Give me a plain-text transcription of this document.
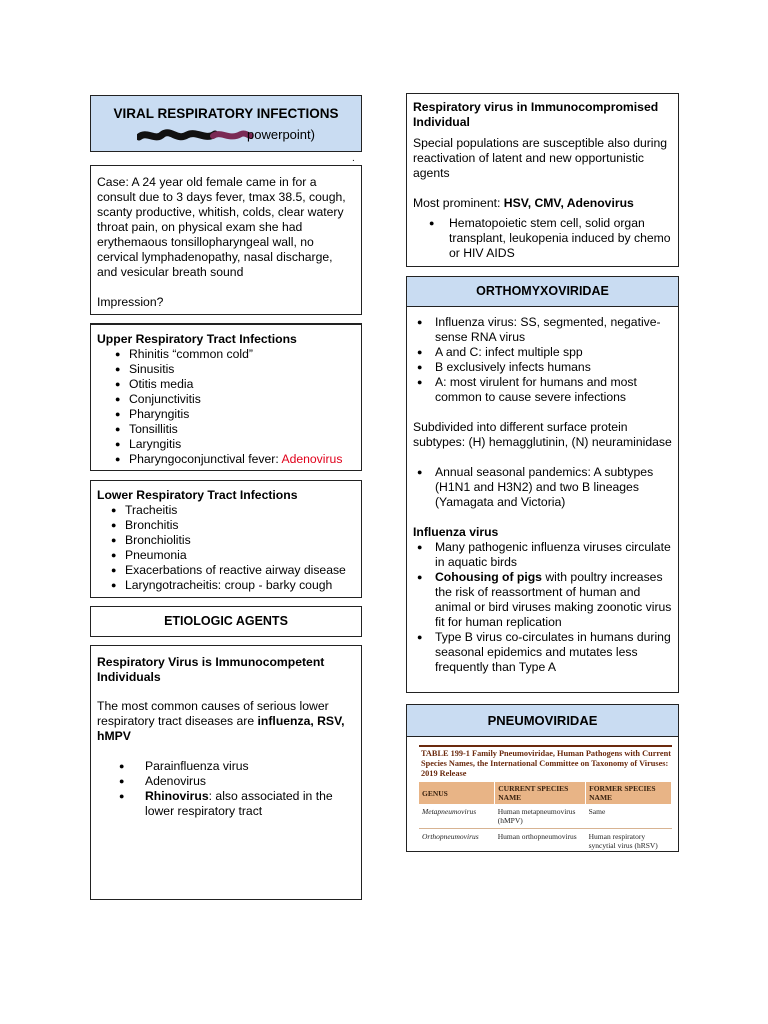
VIRAL RESPIRATORY INFECTIONS
powerpoint)
.
Case: A 24 year old female came in for a consult due to 3 days fever, tmax 38.5, cough, scanty productive, whitish, colds, clear watery throat pain, on physical exam she had erythemaous tonsillopharyngeal wall, no cervical lymphadenopathy, nasal discharge, and vesicular breath sound
Impression?
Upper Respiratory Tract Infections
● Rhinitis “common cold”
● Sinusitis
● Otitis media
● Conjunctivitis
● Pharyngitis
● Tonsillitis
● Laryngitis
● Pharyngoconjunctival fever: Adenovirus
Lower Respiratory Tract Infections
● Tracheitis
● Bronchitis
● Bronchiolitis
● Pneumonia
● Exacerbations of reactive airway disease
● Laryngotracheitis: croup - barky cough
ETIOLOGIC AGENTS
Respiratory Virus is Immunocompetent Individuals
The most common causes of serious lower respiratory tract diseases are influenza, RSV, hMPV
● Parainfluenza virus
● Adenovirus
● Rhinovirus: also associated in the lower respiratory tract
Respiratory virus in Immunocompromised Individual
Special populations are susceptible also during reactivation of latent and new opportunistic agents
Most prominent: HSV, CMV, Adenovirus
● Hematopoietic stem cell, solid organ transplant, leukopenia induced by chemo or HIV AIDS
ORTHOMYXOVIRIDAE
● Influenza virus: SS, segmented, negative-sense RNA virus
● A and C: infect multiple spp
● B exclusively infects humans
● A: most virulent for humans and most common to cause severe infections
Subdivided into different surface protein subtypes: (H) hemagglutinin, (N) neuraminidase
● Annual seasonal pandemics: A subtypes (H1N1 and H3N2) and two B lineages (Yamagata and Victoria)
Influenza virus
● Many pathogenic influenza viruses circulate in aquatic birds
● Cohousing of pigs with poultry increases the risk of reassortment of human and animal or bird viruses making zoonotic virus fit for human replication
● Type B virus co-circulates in humans during seasonal epidemics and mutates less frequently than Type A
PNEUMOVIRIDAE
TABLE 199-1 Family Pneumoviridae, Human Pathogens with Current Species Names, the International Committee on Taxonomy of Viruses: 2019 Release
GENUS	CURRENT SPECIES NAME	FORMER SPECIES NAME
Metapneumovirus	Human metapneumovirus (hMPV)	Same
Orthopneumovirus	Human orthopneumovirus	Human respiratory syncytial virus (hRSV)
